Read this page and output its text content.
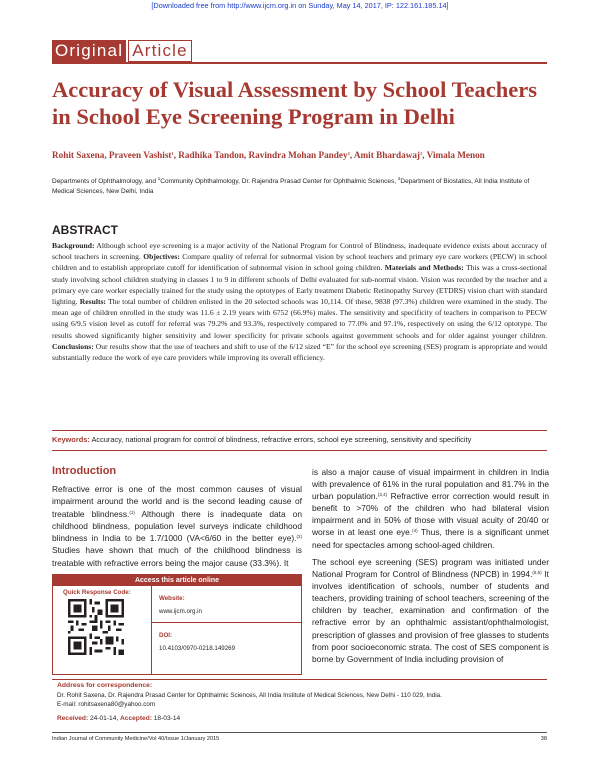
[Downloaded free from http://www.ijcm.org.in on Sunday, May 14, 2017, IP: 122.161.185.14]
Original Article
Accuracy of Visual Assessment by School Teachers in School Eye Screening Program in Delhi
Rohit Saxena, Praveen Vashist$^1$, Radhika Tandon, Ravindra Mohan Pandey$^2$, Amit Bhardawaj$^1$, Vimala Menon
Departments of Ophthalmology, and $^1$Community Ophthalmology, Dr. Rajendra Prasad Center for Ophthalmic Sciences, $^2$Department of Biostatics, All India Institute of Medical Sciences, New Delhi, India
ABSTRACT

Background: Although school eye screening is a major activity of the National Program for Control of Blindness, inadequate evidence exists about accuracy of school teachers in screening. Objectives: Compare quality of referral for subnormal vision by school teachers and primary eye care workers (PECW) in school children and to establish appropriate cutoff for identification of subnormal vision in school going children. Materials and Methods: This was a cross-sectional study involving school children studying in classes 1 to 9 in different schools of Delhi evaluated for sub-normal vision. Vision was recorded by the teacher and a primary eye care worker especially trained for the study using the optotypes of Early treatment Diabetic Retinopathy Survey (ETDRS) vision chart with standard lighting. Results: The total number of children enlisted in the 20 selected schools was 10,114. Of these, 9838 (97.3%) children were examined in the study. The mean age of children enrolled in the study was 11.6 ± 2.19 years with 6752 (66.9%) males. The sensitivity and specificity of teachers in comparison to PECW using 6/9.5 vision level as cutoff for referral was 79.2% and 93.3%, respectively compared to 77.0% and 97.1%, respectively on using the 6/12 optotype. The results showed significantly higher sensitivity and lower specificity for private schools against government schools and for older against younger children. Conclusions: Our results show that the use of teachers and shift to use of the 6/12 sized “E” for the school eye screening (SES) program is appropriate and would substantially reduce the work of eye care providers while improving its overall efficiency.

Keywords: Accuracy, national program for control of blindness, refractive errors, school eye screening, sensitivity and specificity
Introduction

Refractive error is one of the most common causes of visual impairment around the world and is the second leading cause of treatable blindness.$^{(1)}$ Although there is inadequate data on childhood blindness, population level surveys indicate childhood blindness in India to be 1.7/1000 (VA<6/60 in the better eye).$^{(2)}$ Studies have shown that much of the childhood blindness is treatable with refractive errors being the major cause (33.3%). It

is also a major cause of visual impairment in children in India with prevalence of 61% in the rural population and 81.7% in the urban population.$^{(3,4)}$ Refractive error correction would result in benefit to >70% of the children who had bilateral vision impairment and in 50% of those with visual acuity of 20/40 or worse in at least one eye.$^{(4)}$ Thus, there is a significant unmet need for spectacles among school-aged children.

The school eye screening (SES) program was initiated under National Program for Control of Blindness (NPCB) in 1994.$^{(5,6)}$ It involves identification of schools, number of students and teachers, providing training of school teachers, screening of the children by teacher, examination and confirmation of the refractive error by an ophthalmic assistant/ophthalmologist, prescription of glasses and provision of free glasses to students from poor socioeconomic strata. The cost of SES component is borne by Government of India including provision of

Access this article online
Quick Response Code:
Website:
www.ijcm.org.in
DOI:
10.4103/0970-0218.149269
Address for correspondence:
Dr. Rohit Saxena, Dr. Rajendra Prasad Center for Ophthalmic Sciences, All India Institute of Medical Sciences, New Delhi - 110 029, India.
E-mail: rohitsaxena80@yahoo.com
Received: 24-01-14, Accepted: 18-03-14
Indian Journal of Community Medicine/Vol 40/Issue 1/January 2015	38
